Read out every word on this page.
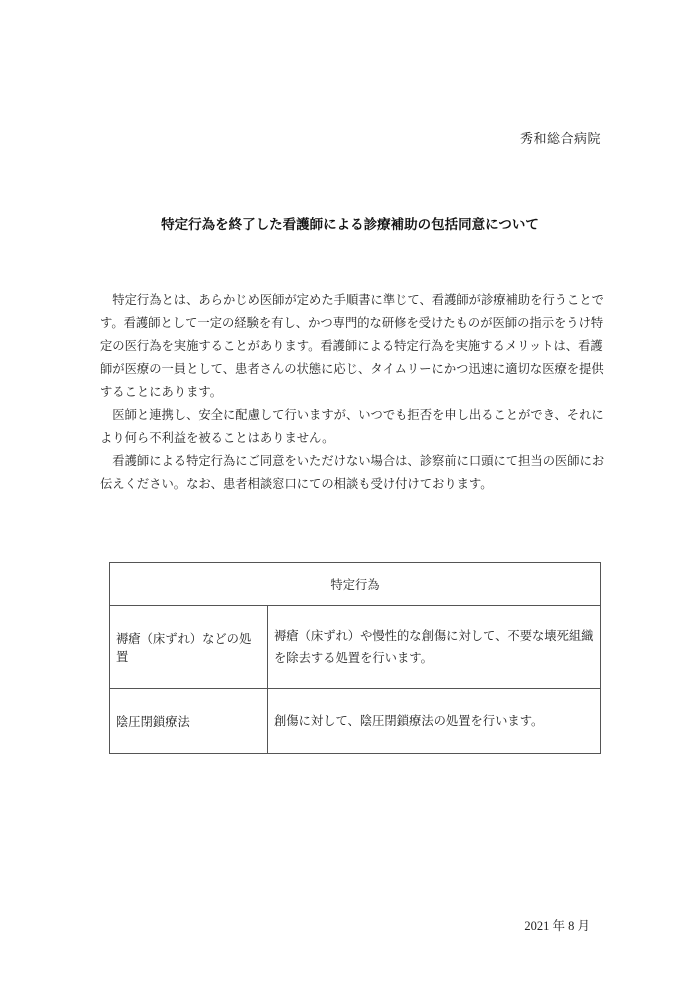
秀和総合病院
特定行為を終了した看護師による診療補助の包括同意について

特定行為とは、あらかじめ医師が定めた手順書に準じて、看護師が診療補助を行うことです。看護師として一定の経験を有し、かつ専門的な研修を受けたものが医師の指示をうけ特定の医行為を実施することがあります。看護師による特定行為を実施するメリットは、看護師が医療の一員として、患者さんの状態に応じ、タイムリーにかつ迅速に適切な医療を提供することにあります。

医師と連携し、安全に配慮して行いますが、いつでも拒否を申し出ることができ、それにより何ら不利益を被ることはありません。

看護師による特定行為にご同意をいただけない場合は、診察前に口頭にて担当の医師にお伝えください。なお、患者相談窓口にての相談も受け付けております。

特定行為	
褥瘡（床ずれ）などの処置	褥瘡（床ずれ）や慢性的な創傷に対して、不要な壊死組織を除去する処置を行います。
陰圧閉鎖療法	創傷に対して、陰圧閉鎖療法の処置を行います。
2021 年 8 月
